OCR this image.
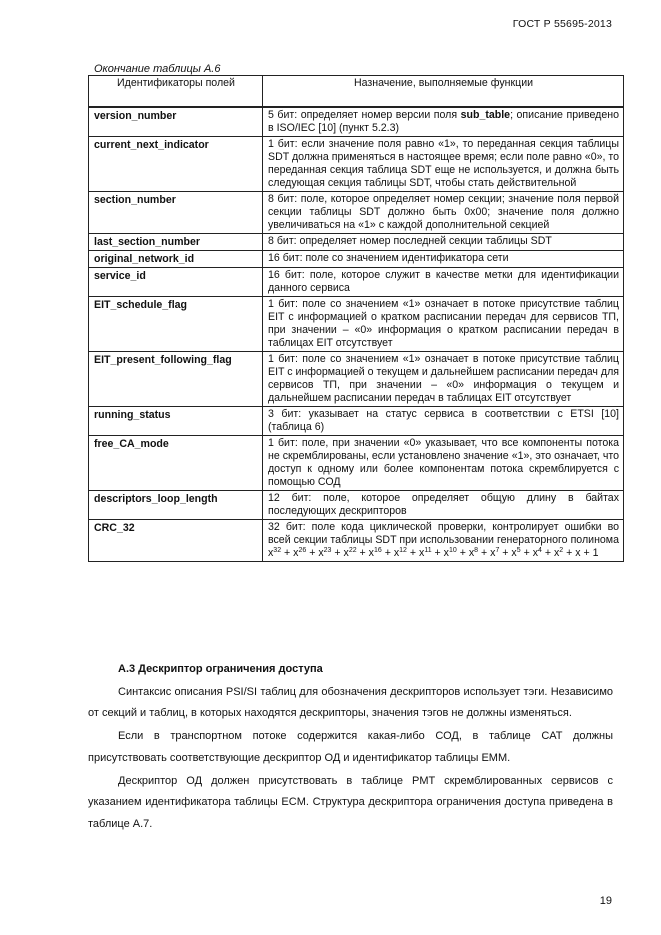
ГОСТ Р 55695-2013
Окончание таблицы А.6
Идентификаторы полей	Назначение, выполняемые функции
version_number	5 бит: определяет номер версии поля sub_table; описание приведено в ISO/IEC [10] (пункт 5.2.3)
current_next_indicator	1 бит: если значение поля равно «1», то переданная секция таблицы SDT должна применяться в настоящее время; если поле равно «0», то переданная секция таблица SDT еще не используется, и должна быть следующая секция таблицы SDT, чтобы стать действительной
section_number	8 бит: поле, которое определяет номер секции; значение поля первой секции таблицы SDT должно быть 0x00; значение поля должно увеличиваться на «1» с каждой дополнительной секцией
last_section_number	8 бит: определяет номер последней секции таблицы SDT
original_network_id	16 бит: поле со значением идентификатора сети
service_id	16 бит: поле, которое служит в качестве метки для идентификации данного сервиса
EIT_schedule_flag	1 бит: поле со значением «1» означает в потоке присутствие таблиц EIT с информацией о кратком расписании передач для сервисов ТП, при значении – «0» информация о кратком расписании передач в таблицах EIT отсутствует
EIT_present_following_flag	1 бит: поле со значением «1» означает в потоке присутствие таблиц EIT с информацией о текущем и дальнейшем расписании передач для сервисов ТП, при значении – «0» информация о текущем и дальнейшем расписании передач в таблицах EIT отсутствует
running_status	3 бит: указывает на статус сервиса в соответствии с ETSI [10] (таблица 6)
free_CA_mode	1 бит: поле, при значении «0» указывает, что все компоненты потока не скремблированы, если установлено значение «1», это означает, что доступ к одному или более компонентам потока скремблируется с помощью СОД
descriptors_loop_length	12 бит: поле, которое определяет общую длину в байтах последующих дескрипторов
CRC_32	32 бит: поле кода циклической проверки, контролирует ошибки во всей секции таблицы SDT при использовании генераторного полинома $x^{32} + x^{26} + x^{23} + x^{22} + x^{16} + x^{12} + x^{11} + x^{10} + x^8 + x^7 + x^5 + x^4 + x^2 + x + 1$
А.3 Дескриптор ограничения доступа

Синтаксис описания PSI/SI таблиц для обозначения дескрипторов использует тэги. Независимо от секций и таблиц, в которых находятся дескрипторы, значения тэгов не должны изменяться.

Если в транспортном потоке содержится какая-либо СОД, в таблице CAT должны присутствовать соответствующие дескриптор ОД и идентификатор таблицы EMM.

Дескриптор ОД должен присутствовать в таблице PMT скремблированных сервисов с указанием идентификатора таблицы ECM. Структура дескриптора ограничения доступа приведена в таблице А.7.

19
